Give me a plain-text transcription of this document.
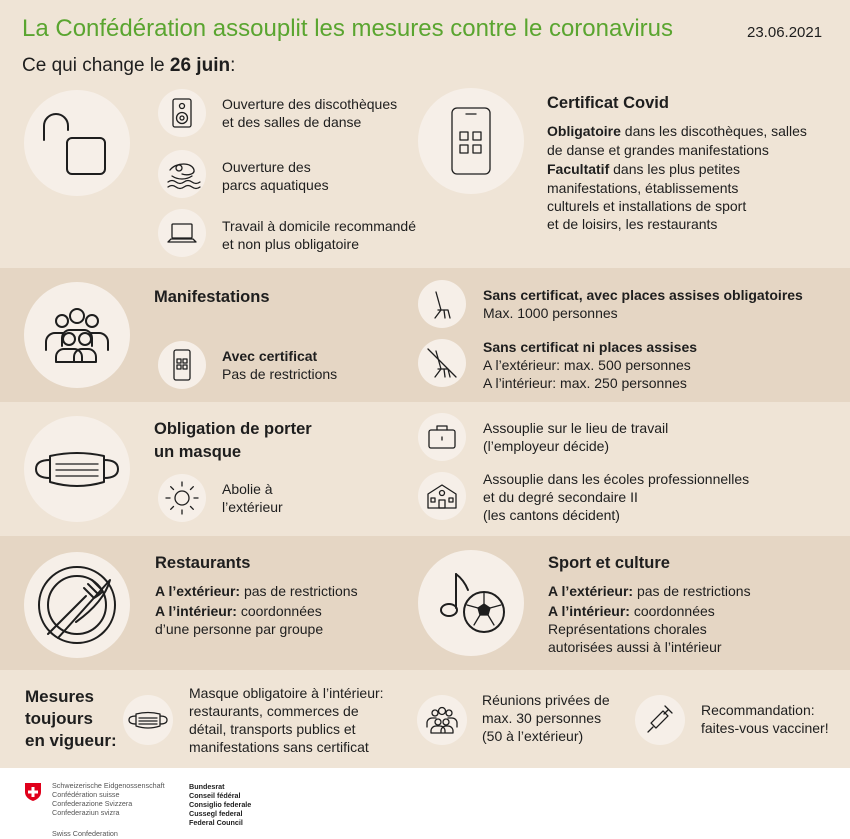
La Confédération assouplit les mesures contre le coronavirus	23.06.2021
Ce qui change le 26 juin:
Ouverture des discothèques
et des salles de danse
Ouverture des
parcs aquatiques
Travail à domicile recommandé
et non plus obligatoire
Certificat Covid
Obligatoire dans les discothèques, salles
de danse et grandes manifestations
Facultatif dans les plus petites
manifestations, établissements
culturels et installations de sport
et de loisirs, les restaurants
Manifestations
Avec certificat
Pas de restrictions
Sans certificat, avec places assises obligatoires
Max. 1000 personnes
Sans certificat ni places assises
A l’extérieur: max. 500 personnes
A l’intérieur: max. 250 personnes
Obligation de porter
un masque
Abolie à
l’extérieur
Assouplie sur le lieu de travail
(l’employeur décide)
Assouplie dans les écoles professionnelles
et du degré secondaire II
(les cantons décident)
Restaurants
A l’extérieur: pas de restrictions
A l’intérieur: coordonnées
d’une personne par groupe
Sport et culture
A l’extérieur: pas de restrictions
A l’intérieur: coordonnées
Représentations chorales
autorisées aussi à l’intérieur
Mesures
toujours
en vigueur:
Masque obligatoire à l’intérieur:
restaurants, commerces de
détail, transports publics et
manifestations sans certificat
Réunions privées de
max. 30 personnes
(50 à l’extérieur)
Recommandation:
faites-vous vacciner!
Schweizerische Eidgenossenschaft
Confédération suisse
Confederazione Svizzera
Confederaziun svizra
Swiss Confederation
Bundesrat
Conseil fédéral
Consiglio federale
Cussegl federal
Federal Council
